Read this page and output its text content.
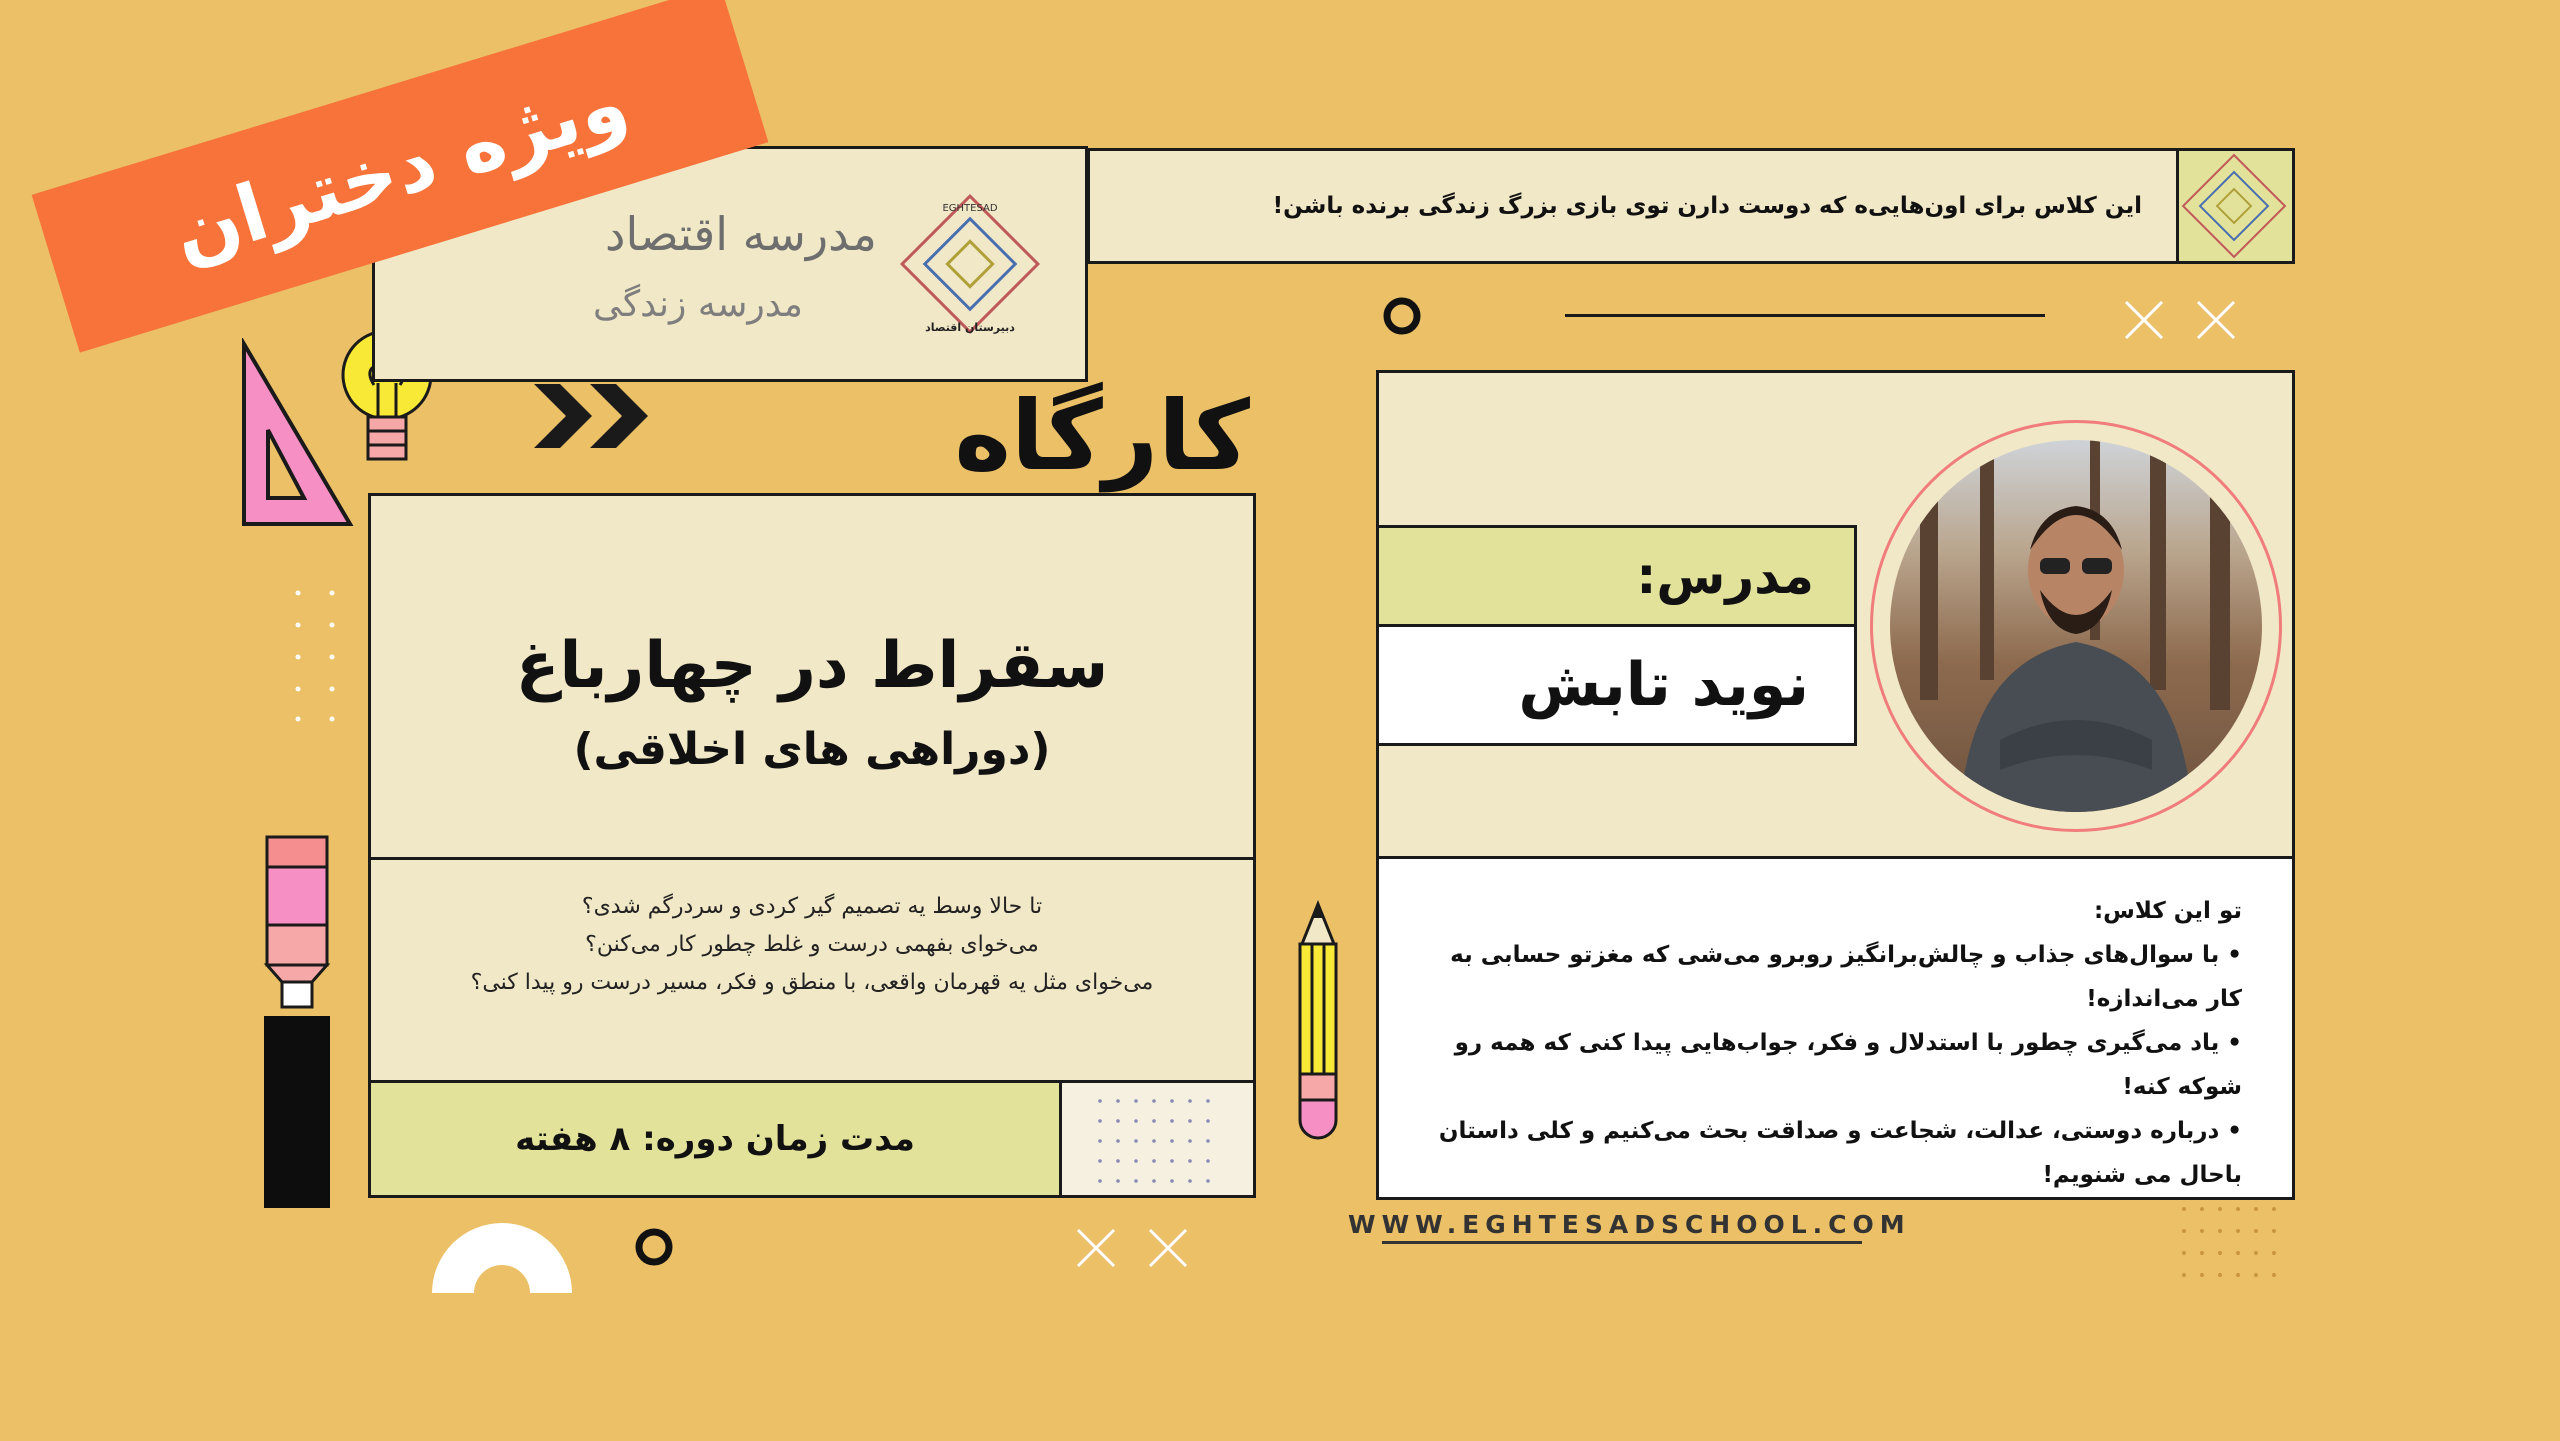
این کلاس برای اون‌هایی‌ه که دوست دارن توی بازی بزرگ زندگی برنده باشن!
مدرسه‌ اقتصاد
مدرسه‌ زندگی
EGHTESAD
دبیرستان اقتصاد
ویژه دختران
کارگاه
سقراط در چهارباغ
(دوراهی های اخلاقی)
تا حالا وسط یه تصمیم گیر کردی و سردرگم شدی؟
می‌خوای بفهمی درست و غلط چطور کار می‌کنن؟
می‌خوای مثل یه قهرمان واقعی، با منطق و فکر، مسیر درست رو پیدا کنی؟
مدت زمان دوره: ۸ هفته
مدرس:
نوید تابش
تو این کلاس:
• با سوال‌های جذاب و چالش‌برانگیز روبرو می‌شی که مغزتو حسابی به کار می‌اندازه!
• یاد می‌گیری چطور با استدلال و فکر، جواب‌هایی پیدا کنی که همه رو شوکه کنه!
• درباره دوستی، عدالت، شجاعت و صداقت بحث می‌کنیم و کلی داستان باحال می شنویم!
WWW.EGHTESADSCHOOL.COM
